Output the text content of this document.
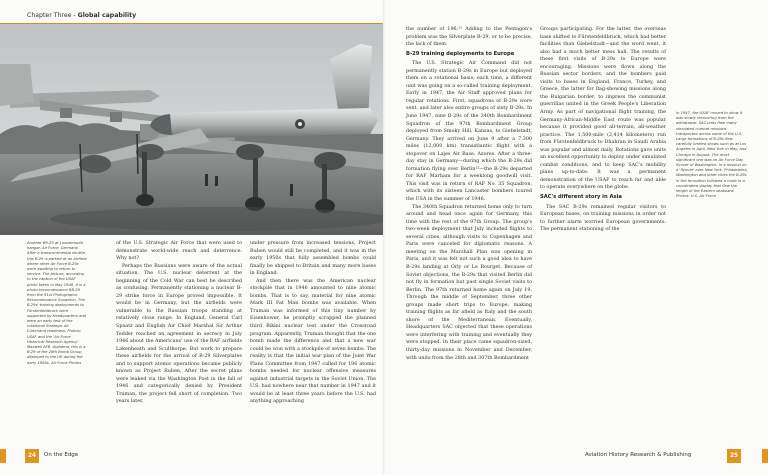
Chapter Three - Global capability
Another B9-29 at Lossiemouth hangar. Air Force, Germany. After a transcontinental shuttle, this B-29 is parked at an Airfield where other Air Force B-29s were awaiting to return to service. The picture, according to the caption of the USAF photo taken in May 1948, it is a photo-reconnaissance RB-29 from the 91st Photographic Reconnaissance Squadron. The B-29s' training deployments to Fürstenfeldbruck were supported by Headquarters and were an early test of the rotational Strategic Air Command readiness. Photos: USAF and the 'Air Force Historical Research Agency'. Maxwell AFB, Alabama, this is a B-29 of the 28th Bomb Group, deployed to the UK during the early 1950s. Air Force Photos

of the U.S. Strategic Air Force that were used to demonstrate world-wide reach and deterrence. Why not?

Perhaps the Russians were aware of the actual situation. The U.S. nuclear deterrent at the beginning of the Cold War can best be described as confusing. Permanently stationing a nuclear B-29 strike force in Europe proved impossible. It would be in Germany, but the airfields were vulnerable to the Russian troops standing at relatively close range. In England, General Carl Spaatz and English Air Chief Marshal Sir Arthur Tedder reached an agreement in secrecy in July 1946 about the Americans' use of the RAF airfields Lakenheath and Sculthorpe. But work to prepare these airfields for the arrival of B-29 Silverplates and to support atomic operations became publicly known as Project Ruben. After the secret plans were leaked via the Washington Post in the fall of 1946 and categorically denied by President Truman, the project fell short of completion. Two years later,

under pressure from increased tensions, Project Ruben would still be completed, and it was in the early 1950s that fully assembled bombs could finally be shipped to Britain and many more bases in England.

And then there was the American nuclear stockpile that in 1946 amounted to nine atomic bombs. That is to say, material for nine atomic Mark III Fat Man bombs was available. When Truman was informed of this tiny number by Eisenhower, he promptly scrapped the planned third Bikini nuclear test under the Crossroad program. Apparently, Truman thought that the one bomb made the difference and that a new war could be won with a stockpile of seven bombs. The reality is that the initial war plan of the Joint War Plans Committee from 1947 called for 196 atomic bombs needed for nuclear offensive measures against industrial targets in the Soviet Union. The U.S. had nowhere near that number in 1947 and it would be at least three years before the U.S. had anything approaching

the number of 196.¹¹ Adding to the Pentagon's problem was the Silverplate B-29, or to be precise, the lack of them.

B-29 training deployments to Europe

The U.S. Strategic Air Command did not permanently station B-29s in Europe but deployed them on a rotational basis; each time, a different unit was going on a so-called training deployment. Early in 1947, the Air Staff approved plans for regular rotations. First, squadrons of B-29s were sent, and later also entire groups of sixty B-29s. In June 1947, nine B-29s of the 340th Bombardment Squadron of the 97th Bombardment Group deployed from Smoky Hill, Kansas, to Giebelstadt, Germany. They arrived on June 9 after a 7,300 miles (12,000 km) transatlantic flight with a stopover on Lajes Air Base, Azores. After a three-day stay in Germany—during which the B-29s did formation flying over Berlin¹²—the B-29s departed for RAF Marham for a weeklong goodwill visit. This visit was in return of RAF No. 35 Squadron, which with its sixteen Lancaster bombers toured the USA in the summer of 1946.

The 340th Squadron returned home only to turn around and head once again for Germany, this time with the rest of the 97th Group. The group's two-week deployment that July included flights to several cities, although visits to Copenhagen and Paris were canceled for diplomatic reasons. A meeting on the Marshall Plan was opening in Paris, and it was felt not such a good idea to have B-29s landing at Orly or Le Bourget. Because of Soviet objections, the B-29s that visited Berlin did not fly in formation but past single Soviet visits to Berlin. The 97th returned home again on July 19. Through the middle of September, three other groups made short trips to Europe, making training flights as far afield as Italy and the south shore of the Mediterranean. Eventually, Headquarters SAC objected that these operations were interfering with training and eventually they were stopped. In their place came squadron-sized, thirty-day missions in November and December, with units from the 28th and 307th Bombardment

Groups participating. For the latter, the overseas base shifted to Fürstenfeldbruck, which had better facilities than Giebelstadt—and the word went, it also had a much better mess hall. The results of these first visits of B-29s to Europe were encouraging. Missions were flown along the Russian sector borders, and the bombers paid visits to bases in England, France, Turkey, and Greece, the latter for flag-showing missions along the Bulgarian border, to impress the communist guerrillas united in the Greek People's Liberation Army. As part of navigational flight training, the Germany-African-Middle East route was popular because it provided good all-terrain, all-weather practice. The 1,500-mile (2,414 kilometers) run from Fürstenfeldbruck to Dhahran in Saudi Arabia was popular and almost daily. Rotations gave units an excellent opportunity to deploy under simulated combat conditions, and to keep SAC's mobility plans up-to-date. It was a permanent demonstration of the USAF to reach far and able to operate everywhere on the globe.

SAC's different story in Asia

The SAC B-29s remained regular visitors to European bases, on training missions in order not to further alarm worried European governments. The permanent stationing of the

In 1947, the USAF moved to show it was slowly recovering from the withdrawal. SAC units flew many simulated combat missions transported across some of the U.S. Large formations of B-29s flew carefully briefed shows such as at Los Angeles in April, New York in May, and Chicago in August. The most significant one was on Air Force Day flyover of Washington. In a mission on a 'flyover' over New York, Philadelphia, Washington and other cities the B-29s in the formation followed a route in a coordinated display that flew the length of the Eastern seaboard. Photos: U.S. Air Force.
24	On the Edge	Aviation History Research & Publishing	25
